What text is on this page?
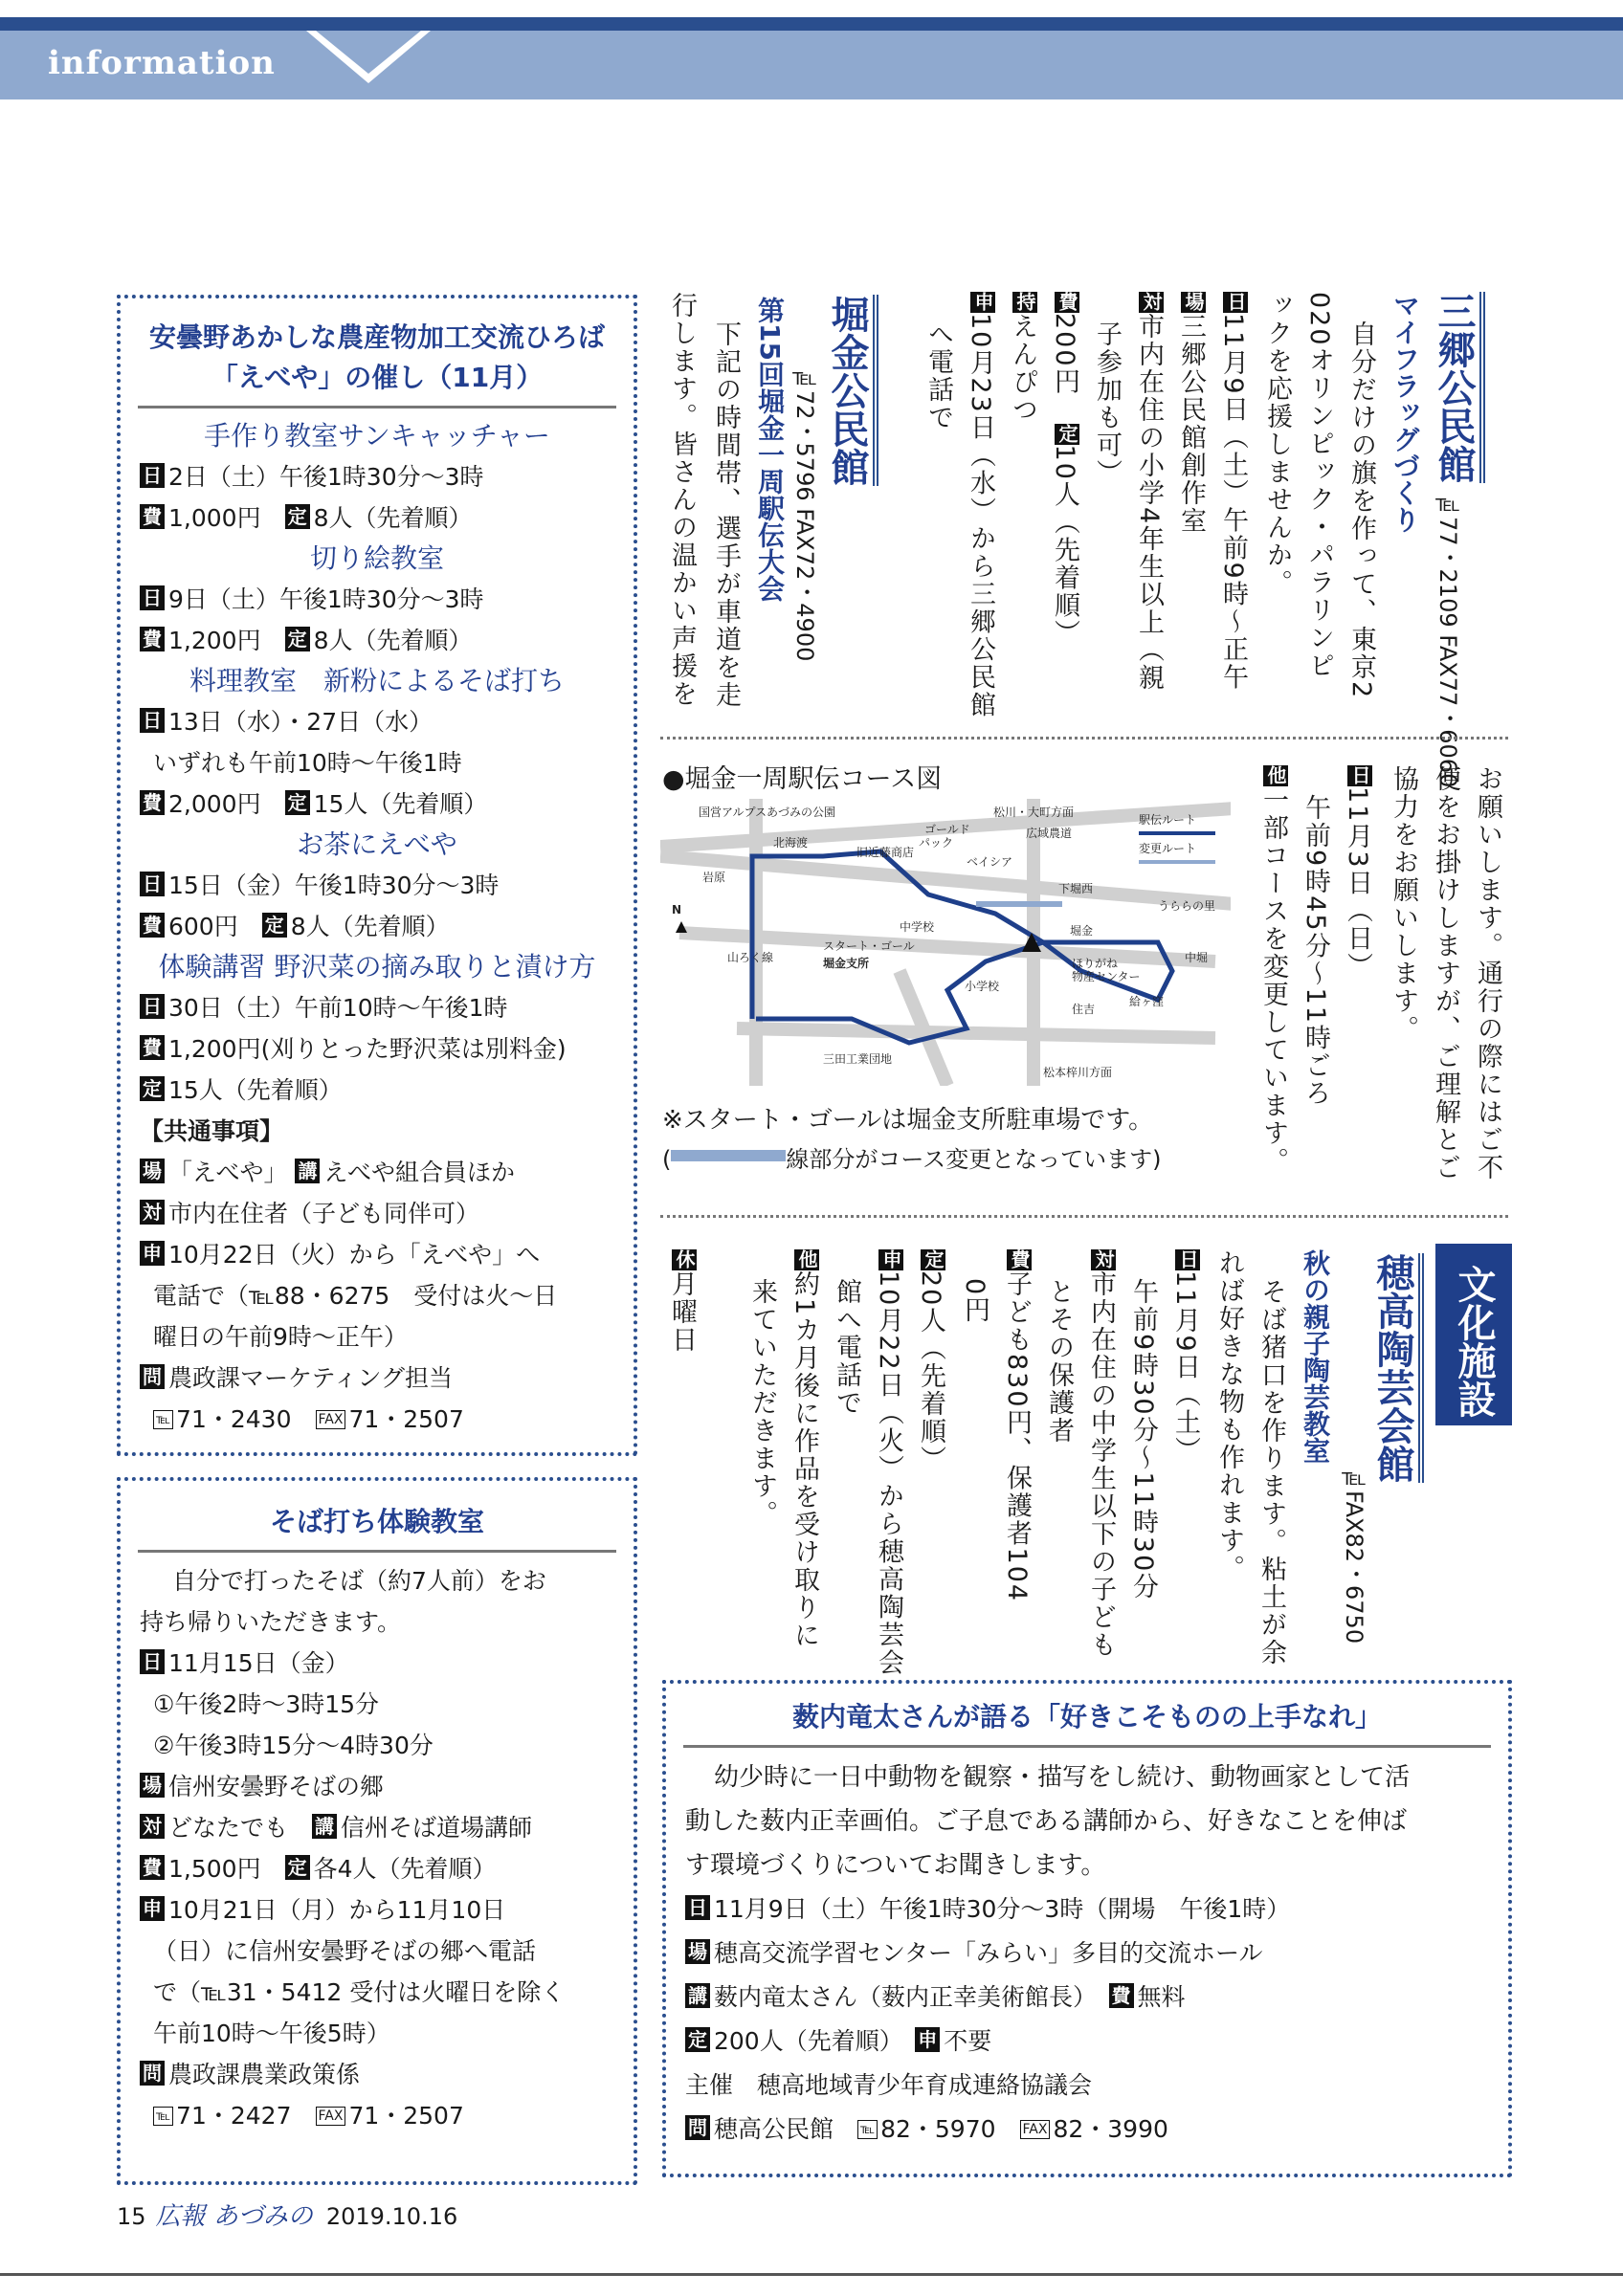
information
安曇野あかしな農産物加工交流ひろば
「えべや」の催し（11月）
手作り教室サンキャッチャー
日 2日（土）午後1時30分～3時
費 1,000円　 定 8人（先着順）
切り絵教室
日 9日（土）午後1時30分～3時
費 1,200円　 定 8人（先着順）
料理教室　新粉によるそば打ち
日 13日（水）・27日（水）
いずれも午前10時～午後1時
費 2,000円　 定 15人（先着順）
お茶にえべや
日 15日（金）午後1時30分～3時
費 600円　 定 8人（先着順）
体験講習 野沢菜の摘み取りと漬け方
日 30日（土）午前10時～午後1時
費 1,200円(刈りとった野沢菜は別料金)
定 15人（先着順）
【共通事項】
場 「えべや」 講 えべや組合員ほか
対 市内在住者（子ども同伴可）
申 10月22日（火）から「えべや」へ
電話で（℡88・6275　受付は火～日
曜日の午前9時～正午）
問 農政課マーケティング担当
℡ 71・2430　 FAX 71・2507
そば打ち体験教室
自分で打ったそば（約7人前）をお
持ち帰りいただきます。
日 11月15日（金）
①午後2時～3時15分
②午後3時15分～4時30分
場 信州安曇野そばの郷
対 どなたでも　 講 信州そば道場講師
費 1,500円　 定 各4人（先着順）
申 10月21日（月）から11月10日
（日）に信州安曇野そばの郷へ電話
で（℡31・5412 受付は火曜日を除く
午前10時～午後5時）
問 農政課農業政策係
℡ 71・2427　 FAX 71・2507
三郷公民館
℡77・2109 FAX77・6060
マイフラッグづくり
自分だけの旗を作って、東京2
020オリンピック・パラリンピ
ックを応援しませんか。
日11月9日（土）午前9時～正午
場三郷公民館創作室
対市内在住の小学4年生以上（親
子参加も可）
費200円　定10人（先着順）
持えんぴつ
申10月23日（水）から三郷公民館
へ電話で
堀金公民館
℡72・5796 FAX72・4900
第15回堀金一周駅伝大会
下記の時間帯、選手が車道を走
行します。皆さんの温かい声援を
お願いします。通行の際にはご不
便をお掛けしますが、ご理解とご
協力をお願いします。
日11月3日（日）
午前9時45分～11時ごろ
他一部コースを変更しています。
●堀金一周駅伝コース図
国営アルプスあづみの公園	松川・大町方面
北海渡
岩原
ゴールド
パック
旧近藤商店
ベイシア
広域農道
下堀西
うららの里
中学校
スタート・ゴール
堀金支所
堀金
ほりがね
物産センター
中堀
小学校
住吉
給ヶ窪
三田工業団地
松本梓川方面
山ろく線
N
駅伝ルート
変更ルート
※スタート・ゴールは堀金支所駐車場です。
(	線部分がコース変更となっています)
文化施設
穂高陶芸会館
℡FAX82・6750
秋の親子陶芸教室
そば猪口を作ります。粘土が余
れば好きな物も作れます。
日11月9日（土）
午前9時30分～11時30分
対市内在住の中学生以下の子ども
とその保護者
費子ども830円、保護者104
0円
定20人（先着順）
申10月22日（火）から穂高陶芸会
館へ電話で
他約1カ月後に作品を受け取りに
来ていただきます。
休月曜日
薮内竜太さんが語る「好きこそものの上手なれ」
幼少時に一日中動物を観察・描写をし続け、動物画家として活
動した薮内正幸画伯。ご子息である講師から、好きなことを伸ば
す環境づくりについてお聞きします。
日 11月9日（土）午後1時30分～3時（開場　午後1時）
場 穂高交流学習センター「みらい」多目的交流ホール
講 薮内竜太さん（薮内正幸美術館長）　 費 無料
定 200人（先着順）　 申 不要
主催　穂高地域青少年育成連絡協議会
問 穂高公民館　 ℡ 82・5970　 FAX 82・3990
15 広報 あづみの 2019.10.16
